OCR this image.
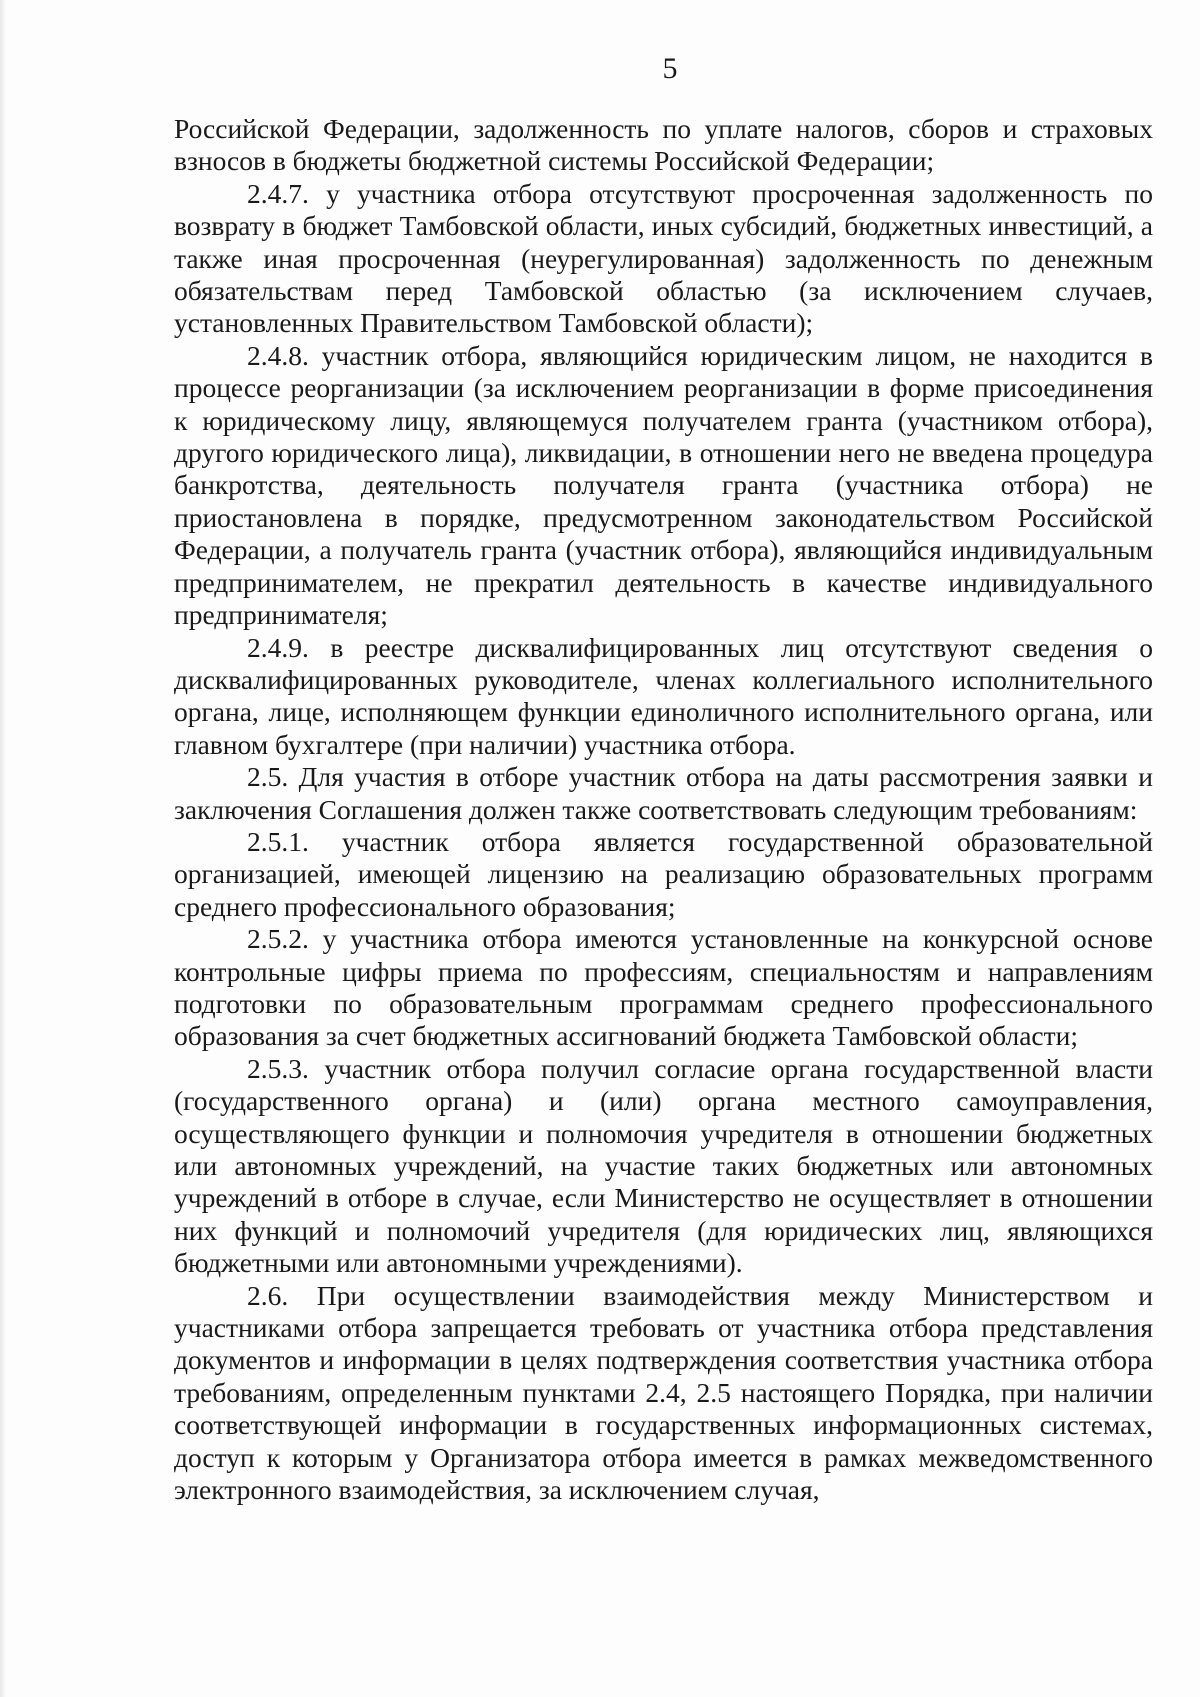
5

Российской Федерации, задолженность по уплате налогов, сборов и страховых взносов в бюджеты бюджетной системы Российской Федерации;

2.4.7. у участника отбора отсутствуют просроченная задолженность по возврату в бюджет Тамбовской области, иных субсидий, бюджетных инвестиций, а также иная просроченная (неурегулированная) задолженность по денежным обязательствам перед Тамбовской областью (за исключением случаев, установленных Правительством Тамбовской области);

2.4.8. участник отбора, являющийся юридическим лицом, не находится в процессе реорганизации (за исключением реорганизации в форме присоединения к юридическому лицу, являющемуся получателем гранта (участником отбора), другого юридического лица), ликвидации, в отношении него не введена процедура банкротства, деятельность получателя гранта (участника отбора) не приостановлена в порядке, предусмотренном законодательством Российской Федерации, а получатель гранта (участник отбора), являющийся индивидуальным предпринимателем, не прекратил деятельность в качестве индивидуального предпринимателя;

2.4.9. в реестре дисквалифицированных лиц отсутствуют сведения о дисквалифицированных руководителе, членах коллегиального исполнительного органа, лице, исполняющем функции единоличного исполнительного органа, или главном бухгалтере (при наличии) участника отбора.

2.5. Для участия в отборе участник отбора на даты рассмотрения заявки и заключения Соглашения должен также соответствовать следующим требованиям:

2.5.1. участник отбора является государственной образовательной организацией, имеющей лицензию на реализацию образовательных программ среднего профессионального образования;

2.5.2. у участника отбора имеются установленные на конкурсной основе контрольные цифры приема по профессиям, специальностям и направлениям подготовки по образовательным программам среднего профессионального образования за счет бюджетных ассигнований бюджета Тамбовской области;

2.5.3. участник отбора получил согласие органа государственной власти (государственного органа) и (или) органа местного самоуправления, осуществляющего функции и полномочия учредителя в отношении бюджетных или автономных учреждений, на участие таких бюджетных или автономных учреждений в отборе в случае, если Министерство не осуществляет в отношении них функций и полномочий учредителя (для юридических лиц, являющихся бюджетными или автономными учреждениями).

2.6. При осуществлении взаимодействия между Министерством и участниками отбора запрещается требовать от участника отбора представления документов и информации в целях подтверждения соответствия участника отбора требованиям, определенным пунктами 2.4, 2.5 настоящего Порядка, при наличии соответствующей информации в государственных информационных системах, доступ к которым у Организатора отбора имеется в рамках межведомственного электронного взаимодействия, за исключением случая,
